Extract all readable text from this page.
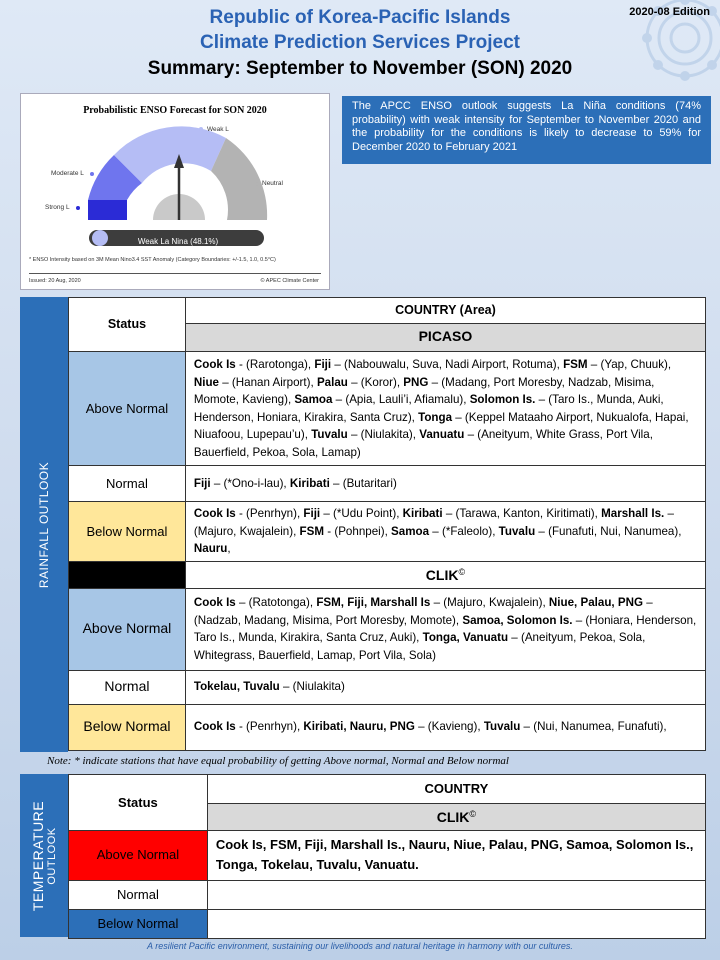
2020-08 Edition
Republic of Korea-Pacific Islands
Climate Prediction Services Project
Summary: September to November (SON) 2020
Probabilistic ENSO Forecast for SON 2020
Weak L
Moderate L
Strong L
Neutral
Weak La Nina (48.1%)
* ENSO Intensity based on 3M Mean Nino3.4 SST Anomaly (Category Boundaries: +/-1.5, 1.0, 0.5°C)
Issued: 20 Aug, 2020	© APEC Climate Center
The APCC ENSO outlook suggests La Niña conditions (74% probability) with weak intensity for September to November 2020 and the probability for the conditions is likely to decrease to 59% for December 2020 to February 2021
RAINFALL OUTLOOK
Status	COUNTRY (Area)
	PICASO
Above Normal	Cook Is - (Rarotonga), Fiji – (Nabouwalu, Suva, Nadi Airport, Rotuma), FSM – (Yap, Chuuk), Niue – (Hanan Airport), Palau – (Koror), PNG – (Madang, Port Moresby, Nadzab, Misima, Momote, Kavieng), Samoa – (Apia, Lauli’i, Afiamalu), Solomon Is. – (Taro Is., Munda, Auki, Henderson, Honiara, Kirakira, Santa Cruz), Tonga – (Keppel Mataaho Airport, Nukualofa, Hapai, Niuafoou, Lupepau’u), Tuvalu – (Niulakita), Vanuatu – (Aneityum, White Grass, Port Vila, Bauerfield, Pekoa, Sola, Lamap)
Normal	Fiji – (*Ono-i-lau), Kiribati – (Butaritari)
Below Normal	Cook Is - (Penrhyn), Fiji – (*Udu Point), Kiribati – (Tarawa, Kanton, Kiritimati), Marshall Is. – (Majuro, Kwajalein), FSM - (Pohnpei), Samoa – (*Faleolo), Tuvalu – (Funafuti, Nui, Nanumea), Nauru,
	CLIK©
Above Normal	Cook Is – (Ratotonga), FSM, Fiji, Marshall Is – (Majuro, Kwajalein), Niue, Palau, PNG – (Nadzab, Madang, Misima, Port Moresby, Momote), Samoa, Solomon Is. – (Honiara, Henderson, Taro Is., Munda, Kirakira, Santa Cruz, Auki), Tonga, Vanuatu – (Aneityum, Pekoa, Sola, Whitegrass, Bauerfield, Lamap, Port Vila, Sola)
Normal	Tokelau, Tuvalu – (Niulakita)
Below Normal	Cook Is - (Penrhyn), Kiribati, Nauru, PNG – (Kavieng), Tuvalu – (Nui, Nanumea, Funafuti),
Note: * indicate stations that have equal probability of getting Above normal, Normal and Below normal
TEMPERATURE OUTLOOK
Status	COUNTRY
	CLIK©
Above Normal	Cook Is, FSM, Fiji, Marshall Is., Nauru, Niue, Palau, PNG, Samoa, Solomon Is., Tonga, Tokelau, Tuvalu, Vanuatu.
Normal	
Below Normal	
A resilient Pacific environment, sustaining our livelihoods and natural heritage in harmony with our cultures.
